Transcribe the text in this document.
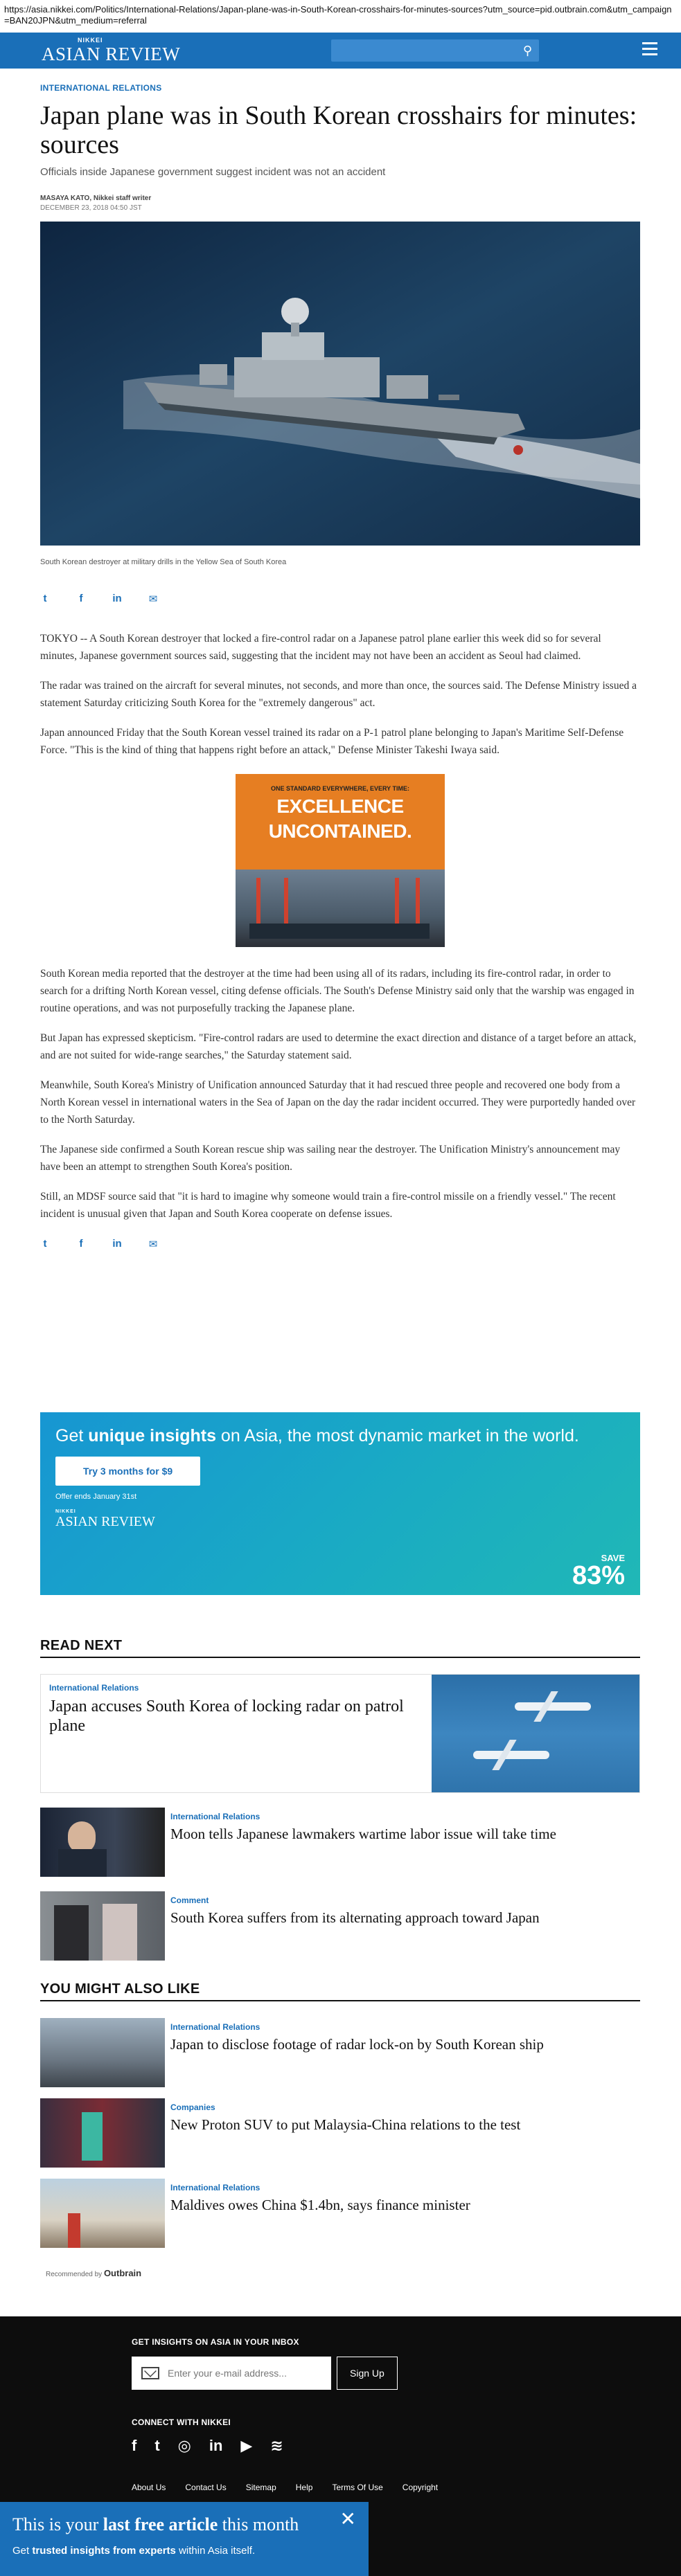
https://asia.nikkei.com/Politics/International-Relations/Japan-plane-was-in-South-Korean-crosshairs-for-minutes-sources?utm_source=pid.outbrain.com&utm_campaign=BAN20JPN&utm_medium=referral
NIKKEI
ASIAN REVIEW	⚲
INTERNATIONAL RELATIONS
Japan plane was in South Korean crosshairs for minutes: sources
Officials inside Japanese government suggest incident was not an accident
MASAYA KATO, Nikkei staff writer
DECEMBER 23, 2018 04:50 JST
South Korean destroyer at military drills in the Yellow Sea of South Korea
t	f	in	✉

TOKYO -- A South Korean destroyer that locked a fire-control radar on a Japanese patrol plane earlier this week did so for several minutes, Japanese government sources said, suggesting that the incident may not have been an accident as Seoul had claimed.

The radar was trained on the aircraft for several minutes, not seconds, and more than once, the sources said. The Defense Ministry issued a statement Saturday criticizing South Korea for the "extremely dangerous" act.

Japan announced Friday that the South Korean vessel trained its radar on a P-1 patrol plane belonging to Japan's Maritime Self-Defense Force. "This is the kind of thing that happens right before an attack," Defense Minister Takeshi Iwaya said.

ONE STANDARD EVERYWHERE, EVERY TIME:
EXCELLENCE
UNCONTAINED.

South Korean media reported that the destroyer at the time had been using all of its radars, including its fire-control radar, in order to search for a drifting North Korean vessel, citing defense officials. The South's Defense Ministry said only that the warship was engaged in routine operations, and was not purposefully tracking the Japanese plane.

But Japan has expressed skepticism. "Fire-control radars are used to determine the exact direction and distance of a target before an attack, and are not suited for wide-range searches," the Saturday statement said.

Meanwhile, South Korea's Ministry of Unification announced Saturday that it had rescued three people and recovered one body from a North Korean vessel in international waters in the Sea of Japan on the day the radar incident occurred. They were purportedly handed over to the North Saturday.

The Japanese side confirmed a South Korean rescue ship was sailing near the destroyer. The Unification Ministry's announcement may have been an attempt to strengthen South Korea's position.

Still, an MDSF source said that "it is hard to imagine why someone would train a fire-control missile on a friendly vessel." The recent incident is unusual given that Japan and South Korea cooperate on defense issues.

t	f	in	✉
Get unique insights on Asia, the most dynamic market in the world.
Try 3 months for $9
Offer ends January 31st
NIKKEI
ASIAN REVIEW
SAVE
83%
READ NEXT
International Relations
Japan accuses South Korea of locking radar on patrol plane
International Relations
Moon tells Japanese lawmakers wartime labor issue will take time
Comment
South Korea suffers from its alternating approach toward Japan
YOU MIGHT ALSO LIKE
International Relations
Japan to disclose footage of radar lock-on by South Korean ship
Companies
New Proton SUV to put Malaysia-China relations to the test
International Relations
Maldives owes China $1.4bn, says finance minister
Recommended by Outbrain
GET INSIGHTS ON ASIA IN YOUR INBOX
Enter your e-mail address...	Sign Up
CONNECT WITH NIKKEI
f t ◎ in ▶ ≋
About Us Contact Us Sitemap Help Terms Of Use Copyright
This is your last free article this month
Get trusted insights from experts within Asia itself.
✕
